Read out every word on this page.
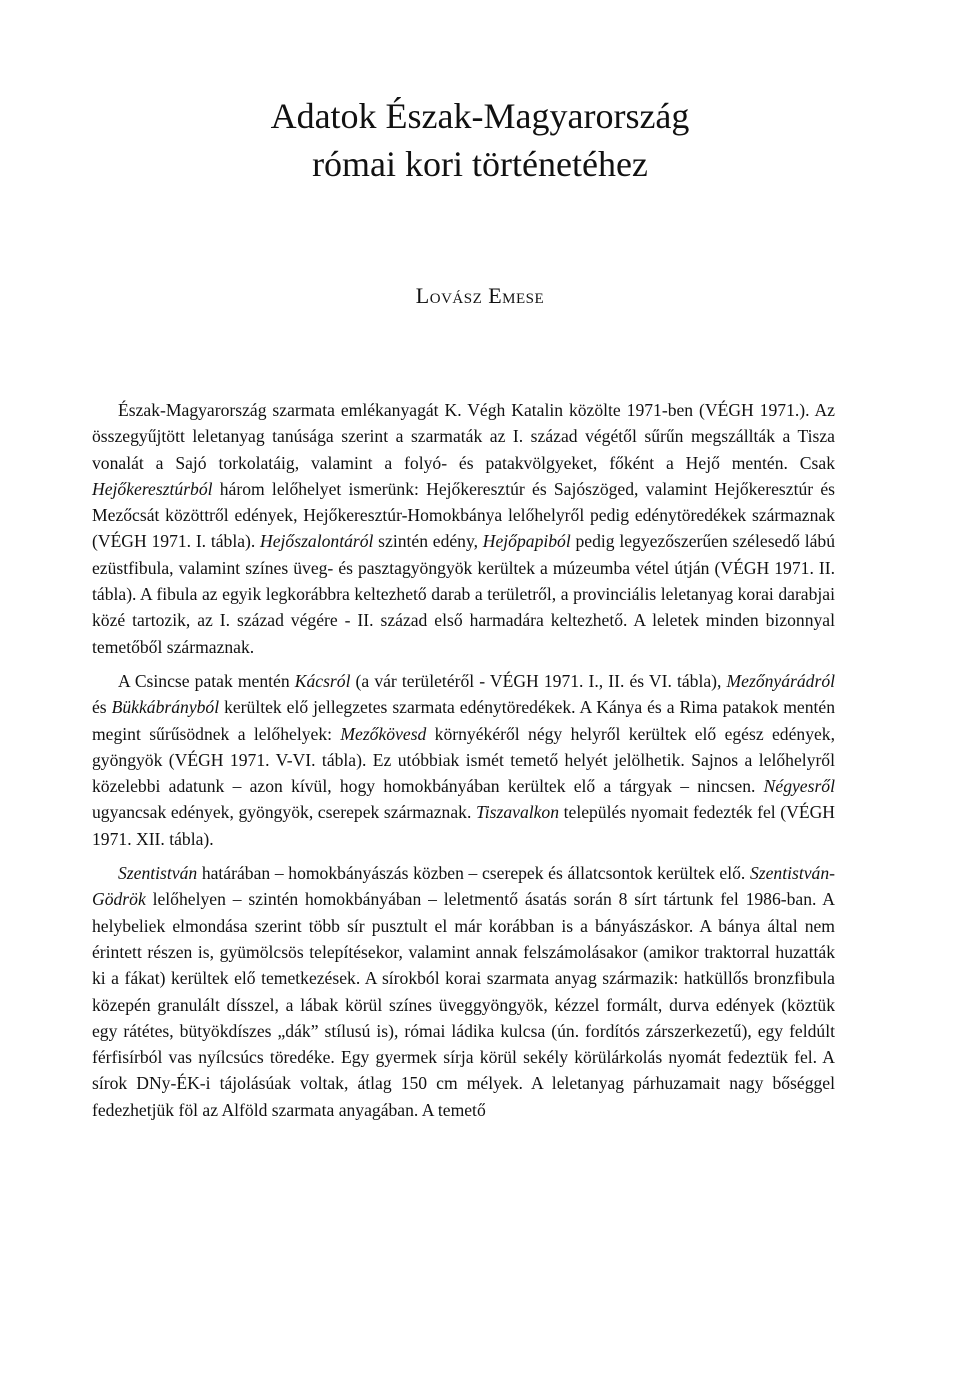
Adatok Észak-Magyarország
római kori történetéhez

Lovász Emese

Észak-Magyarország szarmata emlékanyagát K. Végh Katalin közölte 1971-ben (VÉGH 1971.). Az összegyűjtött leletanyag tanúsága szerint a szarmaták az I. század végétől sűrűn megszállták a Tisza vonalát a Sajó torkolatáig, valamint a folyó- és patakvölgyeket, főként a Hejő mentén. Csak Hejőkeresztúrból három lelőhelyet ismerünk: Hejőkeresztúr és Sajószöged, valamint Hejőkeresztúr és Mezőcsát közöttről edények, Hejőkeresztúr-Homokbánya lelőhelyről pedig edénytöredékek származnak (VÉGH 1971. I. tábla). Hejőszalontáról szintén edény, Hejőpapiból pedig legyezőszerűen szélesedő lábú ezüstfibula, valamint színes üveg- és pasztagyöngyök kerültek a múzeumba vétel útján (VÉGH 1971. II. tábla). A fibula az egyik legkorábbra keltezhető darab a területről, a provinciális leletanyag korai darabjai közé tartozik, az I. század végére - II. század első harmadára keltezhető. A leletek minden bizonnyal temetőből származnak.

A Csincse patak mentén Kácsról (a vár területéről - VÉGH 1971. I., II. és VI. tábla), Mezőnyárádról és Bükkábrányból kerültek elő jellegzetes szarmata edénytöredékek. A Kánya és a Rima patakok mentén megint sűrűsödnek a lelőhelyek: Mezőkövesd környékéről négy helyről kerültek elő egész edények, gyöngyök (VÉGH 1971. V-VI. tábla). Ez utóbbiak ismét temető helyét jelölhetik. Sajnos a lelőhelyről közelebbi adatunk – azon kívül, hogy homokbányában kerültek elő a tárgyak – nincsen. Négyesről ugyancsak edények, gyöngyök, cserepek származnak. Tiszavalkon település nyomait fedezték fel (VÉGH 1971. XII. tábla).

Szentistván határában – homokbányászás közben – cserepek és állatcsontok kerültek elő. Szentistván-Gödrök lelőhelyen – szintén homokbányában – leletmentő ásatás során 8 sírt tártunk fel 1986-ban. A helybeliek elmondása szerint több sír pusztult el már korábban is a bányászáskor. A bánya által nem érintett részen is, gyümölcsös telepítésekor, valamint annak felszámolásakor (amikor traktorral huzatták ki a fákat) kerültek elő temetkezések. A sírokból korai szarmata anyag származik: hatküllős bronzfibula közepén granulált dísszel, a lábak körül színes üveggyöngyök, kézzel formált, durva edények (köztük egy rátétes, bütyökdíszes „dák” stílusú is), római ládika kulcsa (ún. fordítós zárszerkezetű), egy feldúlt férfisírból vas nyílcsúcs töredéke. Egy gyermek sírja körül sekély körülárkolás nyomát fedeztük fel. A sírok DNy-ÉK-i tájolásúak voltak, átlag 150 cm mélyek. A leletanyag párhuzamait nagy bőséggel fedezhetjük föl az Alföld szarmata anyagában. A temető
